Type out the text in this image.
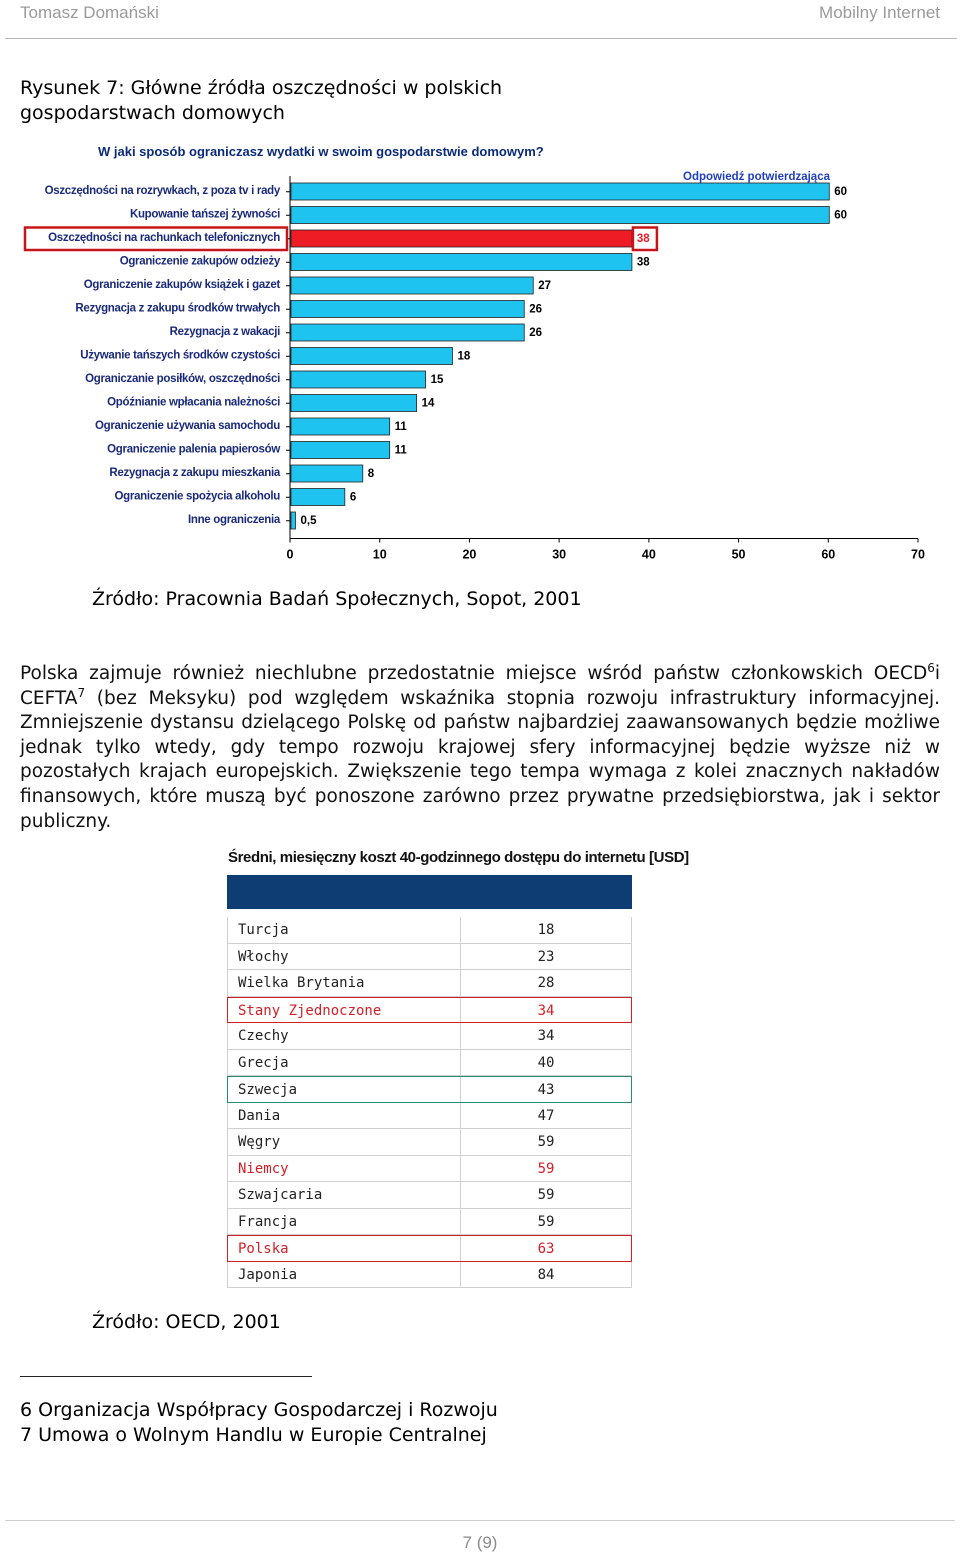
Tomasz Domański	Mobilny Internet
Rysunek 7: Główne źródła oszczędności w polskich gospodarstwach domowych
W jaki sposób ograniczasz wydatki w swoim gospodarstwie domowym?
Odpowiedź potwierdzająca
0	10	20	30	40	50	60	70
Oszczędności na rozrywkach, z poza tv i rady	60
Kupowanie tańszej żywności	60
Oszczędności na rachunkach telefonicznych	38
Ograniczenie zakupów odzieży	38
Ograniczenie zakupów książek i gazet	27
Rezygnacja z zakupu środków trwałych	26
Rezygnacja z wakacji	26
Używanie tańszych środków czystości	18
Ograniczanie posiłków, oszczędności	15
Opóźnianie wpłacania należności	14
Ograniczenie używania samochodu	11
Ograniczenie palenia papierosów	11
Rezygnacja z zakupu mieszkania	8
Ograniczenie spożycia alkoholu	6
Inne ograniczenia 0,5
Źródło: Pracownia Badań Społecznych, Sopot, 2001
Polska zajmuje również niechlubne przedostatnie miejsce wśród państw członkowskich OECD$^6$i CEFTA$^7$ (bez Meksyku) pod względem wskaźnika stopnia rozwoju infrastruktury informacyjnej. Zmniejszenie dystansu dzielącego Polskę od państw najbardziej zaawansowanych będzie możliwe jednak tylko wtedy, gdy tempo rozwoju krajowej sfery informacyjnej będzie wyższe niż w pozostałych krajach europejskich. Zwiększenie tego tempa wymaga z kolei znacznych nakładów finansowych, które muszą być ponoszone zarówno przez prywatne przedsiębiorstwa, jak i sektor publiczny.
Średni, miesięczny koszt 40-godzinnego dostępu do internetu [USD]
Turcja	18
Włochy	23
Wielka Brytania	28
Stany Zjednoczone	34
Czechy	34
Grecja	40
Szwecja	43
Dania	47
Węgry	59
Niemcy	59
Szwajcaria	59
Francja	59
Polska	63
Japonia	84
Źródło: OECD, 2001
6 Organizacja Współpracy Gospodarczej i Rozwoju
7 Umowa o Wolnym Handlu w Europie Centralnej
7 (9)
